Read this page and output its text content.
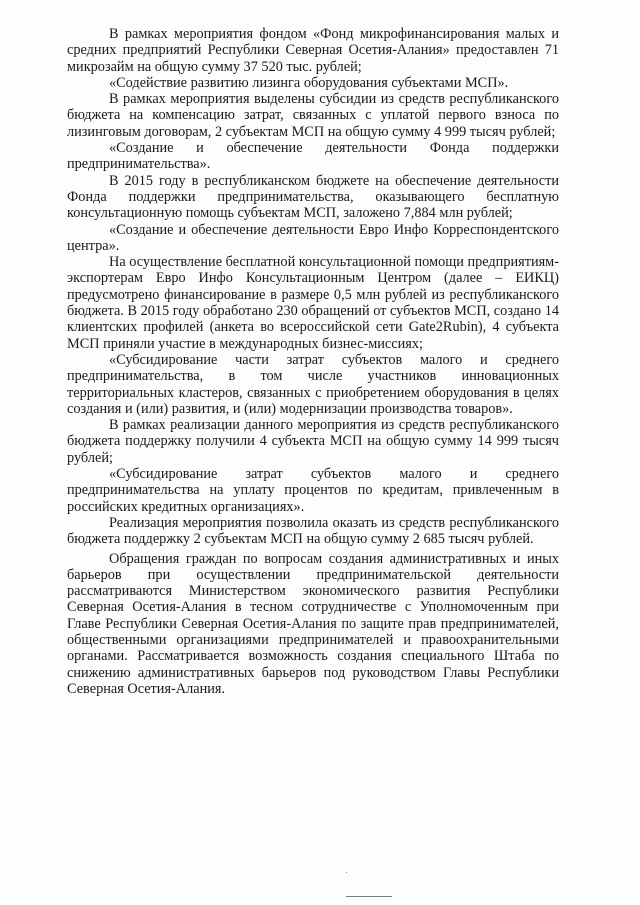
В рамках мероприятия фондом «Фонд микрофинансирования малых и средних предприятий Республики Северная Осетия-Алания» предоставлен 71 микрозайм на общую сумму 37 520 тыс. рублей;

«Содействие развитию лизинга оборудования субъектами МСП».

В рамках мероприятия выделены субсидии из средств республиканского бюджета на компенсацию затрат, связанных с уплатой первого взноса по лизинговым договорам, 2 субъектам МСП на общую сумму 4 999 тысяч рублей;

«Создание и обеспечение деятельности Фонда поддержки предпринимательства».

В 2015 году в республиканском бюджете на обеспечение деятельности Фонда поддержки предпринимательства, оказывающего бесплатную консультационную помощь субъектам МСП, заложено 7,884 млн рублей;

«Создание и обеспечение деятельности Евро Инфо Корреспондентского центра».

На осуществление бесплатной консультационной помощи предприятиям-экспортерам Евро Инфо Консультационным Центром (далее – ЕИКЦ) предусмотрено финансирование в размере 0,5 млн рублей из республиканского бюджета. В 2015 году обработано 230 обращений от субъектов МСП, создано 14 клиентских профилей (анкета во всероссийской сети Gate2Rubin), 4 субъекта МСП приняли участие в международных бизнес-миссиях;

«Субсидирование части затрат субъектов малого и среднего предпринимательства, в том числе участников инновационных территориальных кластеров, связанных с приобретением оборудования в целях создания и (или) развития, и (или) модернизации производства товаров».

В рамках реализации данного мероприятия из средств республиканского бюджета поддержку получили 4 субъекта МСП на общую сумму 14 999 тысяч рублей;

«Субсидирование затрат субъектов малого и среднего предпринимательства на уплату процентов по кредитам, привлеченным в российских кредитных организациях».

Реализация мероприятия позволила оказать из средств республиканского бюджета поддержку 2 субъектам МСП на общую сумму 2 685 тысяч рублей.

Обращения граждан по вопросам создания административных и иных барьеров при осуществлении предпринимательской деятельности рассматриваются Министерством экономического развития Республики Северная Осетия-Алания в тесном сотрудничестве с Уполномоченным при Главе Республики Северная Осетия-Алания по защите прав предпринимателей, общественными организациями предпринимателей и правоохранительными органами. Рассматривается возможность создания специального Штаба по снижению административных барьеров под руководством Главы Республики Северная Осетия-Алания.
